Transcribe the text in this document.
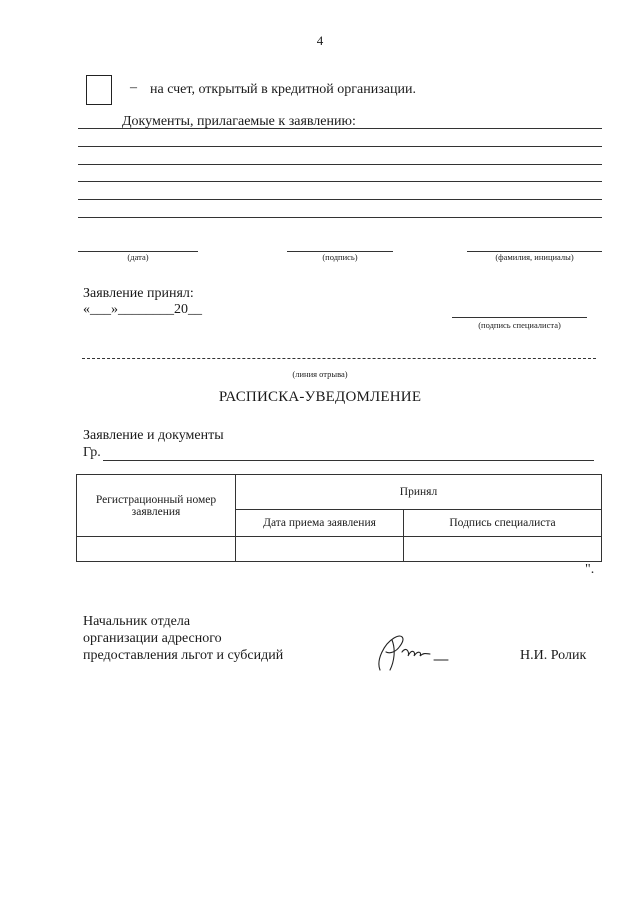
4
– на счет, открытый в кредитной организации.
Документы, прилагаемые к заявлению:
(дата)	(подпись)	(фамилия, инициалы)
Заявление принял:
«___»________20__
(подпись специалиста)
(линия отрыва)
РАСПИСКА-УВЕДОМЛЕНИЕ
Заявление и документы
Гр.
Регистрационный номер заявления	Принял	
	Дата приема заявления	Подпись специалиста

".
Начальник отдела
организации адресного
предоставления льгот и субсидий	Н.И. Ролик
